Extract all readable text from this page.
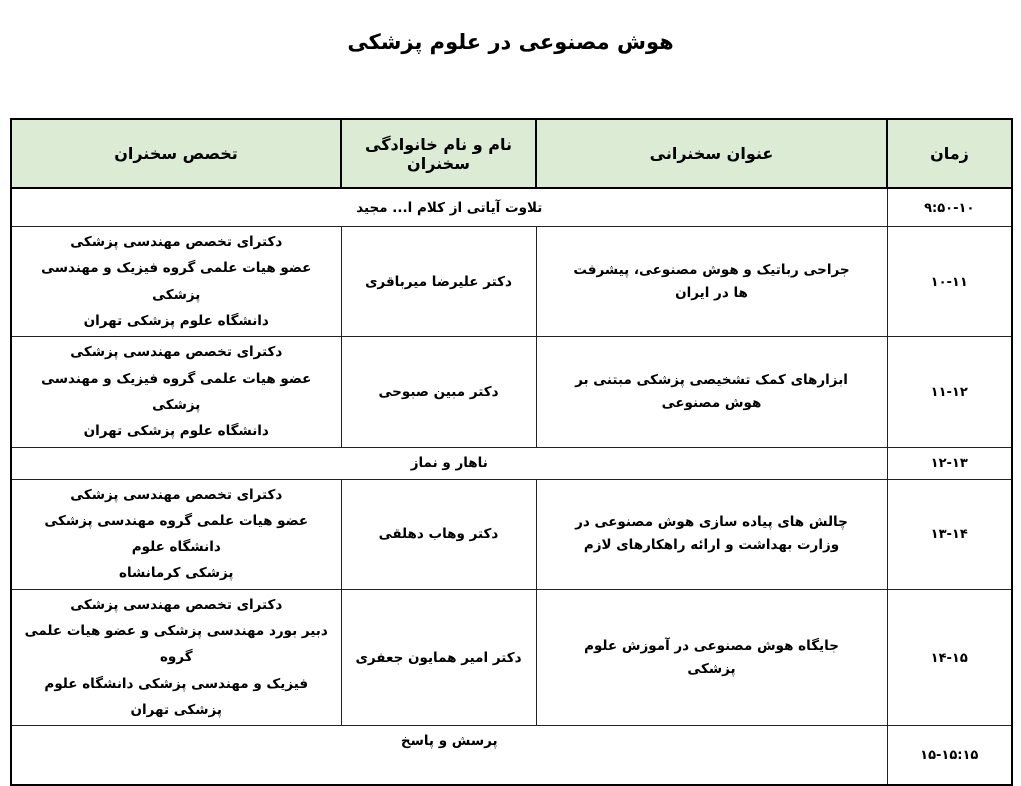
هوش مصنوعی در علوم پزشکی
زمان	عنوان سخنرانی	نام و نام خانوادگی سخنران	تخصص سخنران
۹:۵۰-۱۰	تلاوت آیاتی از کلام ا... مجید		
۱۰-۱۱	جراحی رباتیک و هوش مصنوعی، پیشرفت ها در ایران	دکتر علیرضا میرباقری	دکترای تخصص مهندسی پزشکی
عضو هیات علمی گروه فیزیک و مهندسی پزشکی
دانشگاه علوم پزشکی تهران

۱۱-۱۲	ابزارهای کمک تشخیصی پزشکی مبتنی بر هوش مصنوعی	دکتر مبین صبوحی	دکترای تخصص مهندسی پزشکی
عضو هیات علمی گروه فیزیک و مهندسی پزشکی
دانشگاه علوم پزشکی تهران

۱۲-۱۳	ناهار و نماز		
۱۳-۱۴	چالش های پیاده سازی هوش مصنوعی در وزارت بهداشت و ارائه راهکارهای لازم	دکتر وهاب دهلقی	دکترای تخصص مهندسی پزشکی
عضو هیات علمی گروه مهندسی پزشکی دانشگاه علوم
پزشکی کرمانشاه

۱۴-۱۵	جایگاه هوش مصنوعی در آموزش علوم پزشکی	دکتر امیر همایون جعفری	دکترای تخصص مهندسی پزشکی
دبیر بورد مهندسی پزشکی و عضو هیات علمی گروه
فیزیک و مهندسی پزشکی دانشگاه علوم پزشکی تهران

۱۵-۱۵:۱۵	پرسش و پاسخ		
